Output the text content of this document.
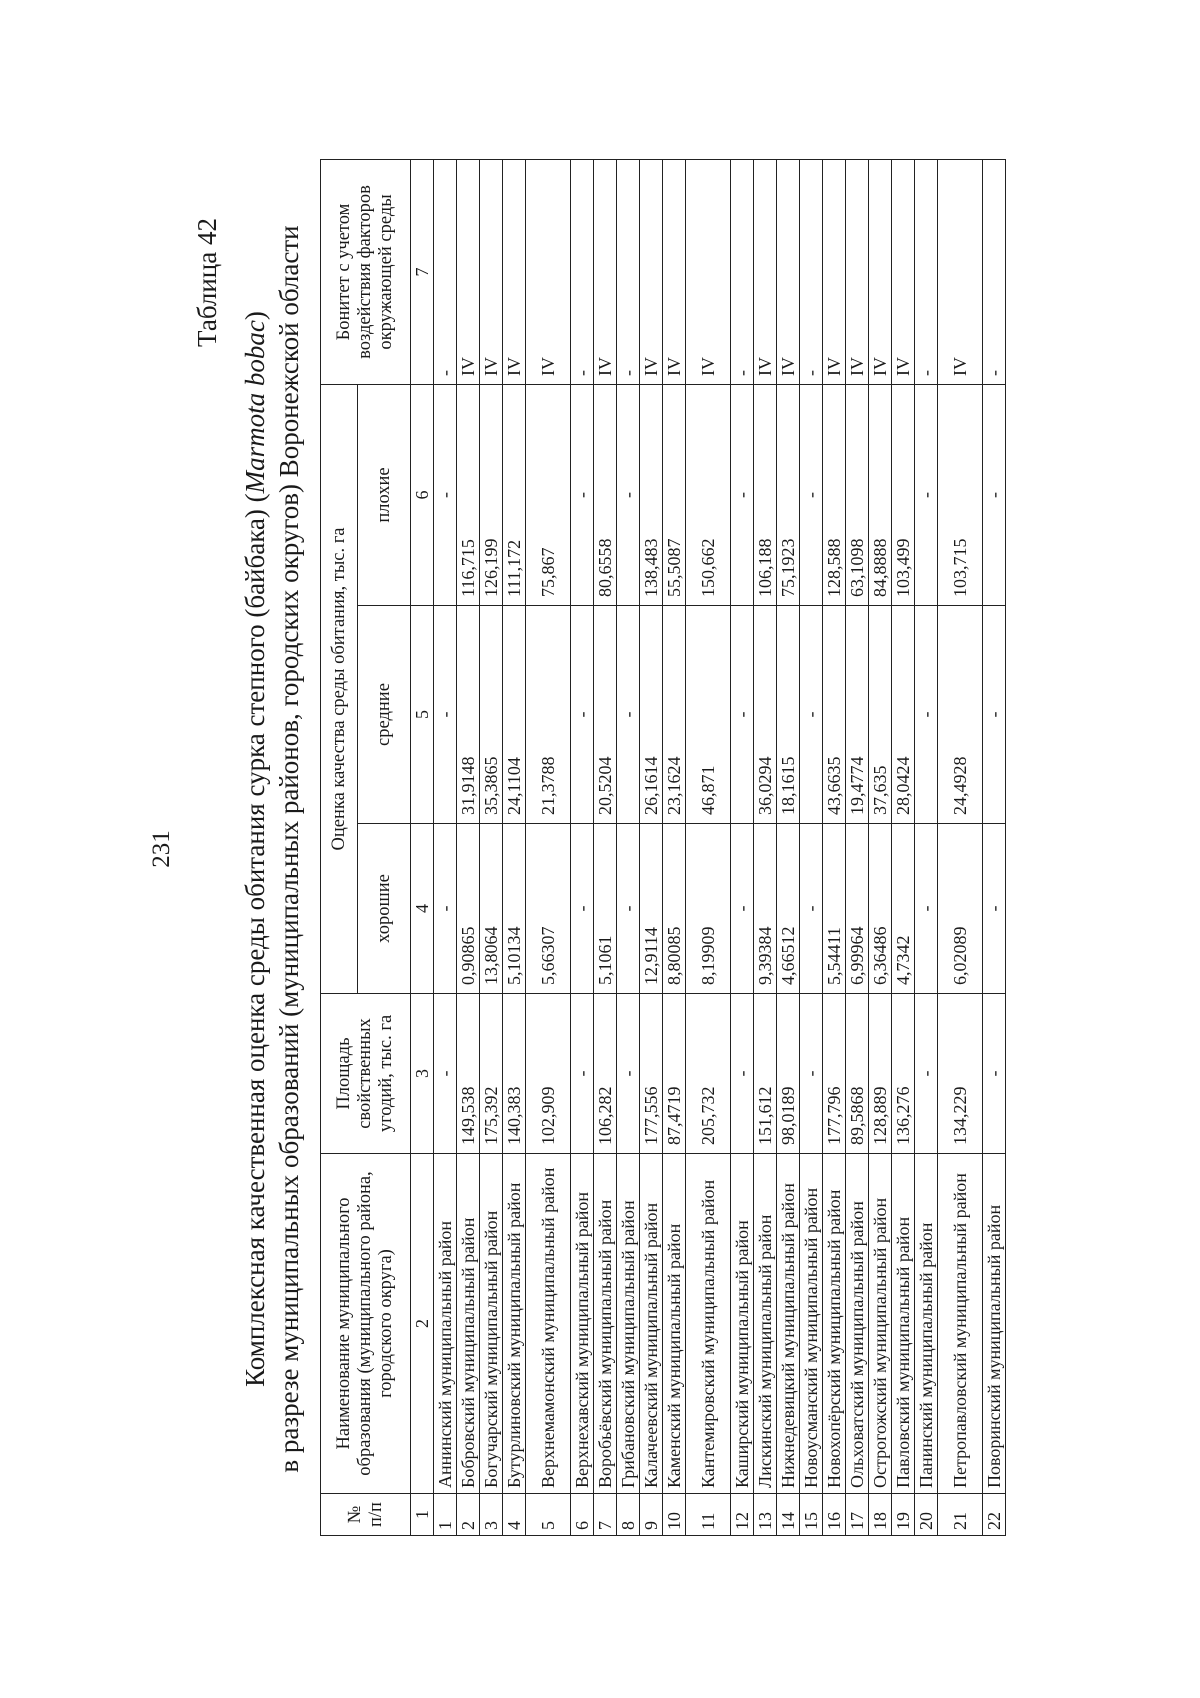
231
Таблица 42
Комплексная качественная оценка среды обитания сурка степного (байбака) (Marmota bobac) в разрезе муниципальных образований (муниципальных районов, городских округов) Воронежской области
№ п/п	Наименование муниципального образования (муниципального района, городского округа)	Площадь свойственных угодий, тыс. га	Оценка качества среды обитания, тыс. га			Бонитет с учетом воздействия факторов окружающей среды
			хорошие	средние	плохие	
1	2	3	4	5	6	7
1	Аннинский муниципальный район	-	-	-	-	-
2	Бобровский муниципальный район	149,538	0,90865	31,9148	116,715	IV
3	Богучарский муниципальный район	175,392	13,8064	35,3865	126,199	IV
4	Бутурлиновский муниципальный район	140,383	5,10134	24,1104	111,172	IV
5	Верхнемамонский муниципальный район	102,909	5,66307	21,3788	75,867	IV
6	Верхнехавский муниципальный район	-	-	-	-	-
7	Воробьёвский муниципальный район	106,282	5,1061	20,5204	80,6558	IV
8	Грибановский муниципальный район	-	-	-	-	-
9	Калачеевский муниципальный район	177,556	12,9114	26,1614	138,483	IV
10	Каменский муниципальный район	87,4719	8,80085	23,1624	55,5087	IV
11	Кантемировский муниципальный район	205,732	8,19909	46,871	150,662	IV
12	Каширский муниципальный район	-	-	-	-	-
13	Лискинский муниципальный район	151,612	9,39384	36,0294	106,188	IV
14	Нижнедевицкий муниципальный район	98,0189	4,66512	18,1615	75,1923	IV
15	Новоусманский муниципальный район	-	-	-	-	-
16	Новохопёрский муниципальный район	177,796	5,54411	43,6635	128,588	IV
17	Ольховатский муниципальный район	89,5868	6,99964	19,4774	63,1098	IV
18	Острогожский муниципальный район	128,889	6,36486	37,635	84,8888	IV
19	Павловский муниципальный район	136,276	4,7342	28,0424	103,499	IV
20	Панинский муниципальный район	-	-	-	-	-
21	Петропавловский муниципальный район	134,229	6,02089	24,4928	103,715	IV
22	Поворинский муниципальный район	-	-	-	-	-
